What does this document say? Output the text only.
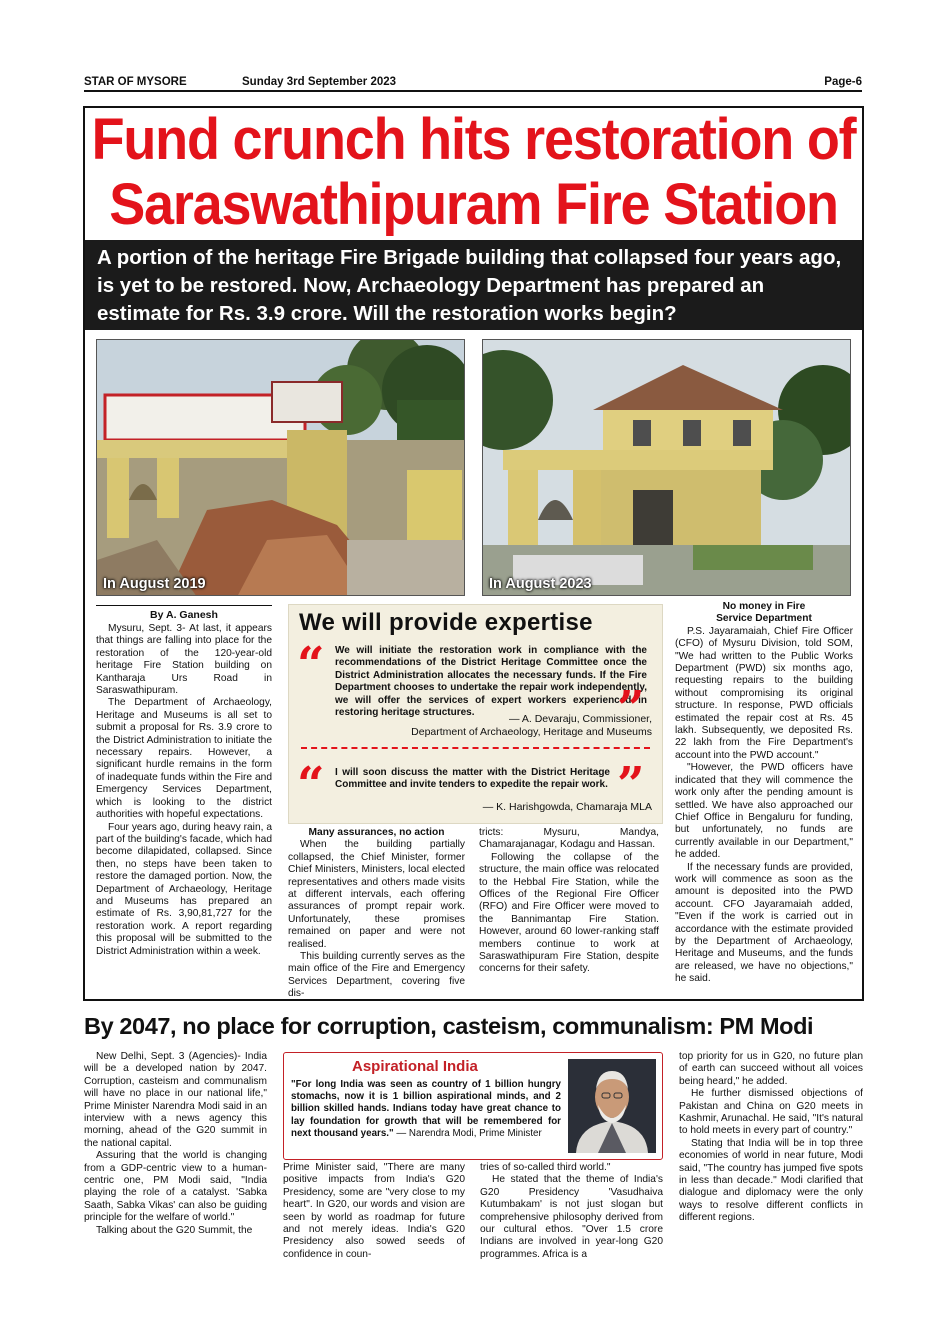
STAR OF MYSORE	Sunday 3rd September 2023	Page-6
Fund crunch hits restoration of
Saraswathipuram Fire Station
A portion of the heritage Fire Brigade building that collapsed four years ago, is yet to be restored. Now, Archaeology Department has prepared an estimate for Rs. 3.9 crore. Will the restoration works begin?
In August 2019	In August 2023
By A. Ganesh

Mysuru, Sept. 3- At last, it appears that things are falling into place for the restoration of the 120-year-old heritage Fire Station building on Kantharaja Urs Road in Saraswathipuram.

The Department of Archaeology, Heritage and Museums is all set to submit a proposal for Rs. 3.9 crore to the District Administration to initiate the necessary repairs. However, a significant hurdle remains in the form of inadequate funds within the Fire and Emergency Services Department, which is looking to the district authorities with hopeful expectations.

Four years ago, during heavy rain, a part of the building's facade, which had become dilapidated, collapsed. Since then, no steps have been taken to restore the damaged portion. Now, the Department of Archaeology, Heritage and Museums has prepared an estimate of Rs. 3,90,81,727 for the restoration work. A report regarding this proposal will be submitted to the District Administration within a week.

We will provide expertise
“ We will initiate the restoration work in compliance with the recommendations of the District Heritage Committee once the District Administration allocates the necessary funds. If the Fire Department chooses to undertake the repair work independently, we will offer the services of expert workers experienced in restoring heritage structures.	”
— A. Devaraju, Commissioner,
Department of Archaeology, Heritage and Museums
“ I will soon discuss the matter with the District Heritage Committee and invite tenders to expedite the repair work. ”
— K. Harishgowda, Chamaraja MLA
Many assurances, no action

When the building partially collapsed, the Chief Minister, former Chief Ministers, Ministers, local elected representatives and others made visits at different intervals, each offering assurances of prompt repair work. Unfortunately, these promises remained on paper and were not realised.

This building currently serves as the main office of the Fire and Emergency Services Department, covering five dis-

tricts: Mysuru, Mandya, Chamarajanagar, Kodagu and Hassan.

Following the collapse of the structure, the main office was relocated to the Hebbal Fire Station, while the Offices of the Regional Fire Officer (RFO) and Fire Officer were moved to the Bannimantap Fire Station. However, around 60 lower-ranking staff members continue to work at Saraswathipuram Fire Station, despite concerns for their safety.

No money in Fire Service Department

P.S. Jayaramaiah, Chief Fire Officer (CFO) of Mysuru Division, told SOM, "We had written to the Public Works Department (PWD) six months ago, requesting repairs to the building without compromising its original structure. In response, PWD officials estimated the repair cost at Rs. 45 lakh. Subsequently, we deposited Rs. 22 lakh from the Fire Department's account into the PWD account."

"However, the PWD officers have indicated that they will commence the work only after the pending amount is settled. We have also approached our Chief Office in Bengaluru for funding, but unfortunately, no funds are currently available in our Department," he added.

If the necessary funds are provided, work will commence as soon as the amount is deposited into the PWD account. CFO Jayaramaiah added, "Even if the work is carried out in accordance with the estimate provided by the Department of Archaeology, Heritage and Museums, and the funds are released, we have no objections," he said.

By 2047, no place for corruption, casteism, communalism: PM Modi

New Delhi, Sept. 3 (Agencies)- India will be a developed nation by 2047. Corruption, casteism and communalism will have no place in our national life," Prime Minister Narendra Modi said in an interview with a news agency this morning, ahead of the G20 summit in the national capital.

Assuring that the world is changing from a GDP-centric view to a human-centric one, PM Modi said, "India playing the role of a catalyst. 'Sabka Saath, Sabka Vikas' can also be guiding principle for the welfare of world."

Talking about the G20 Summit, the

Aspirational India
"For long India was seen as country of 1 billion hungry stomachs, now it is 1 billion aspirational minds, and 2 billion skilled hands. Indians today have great chance to lay foundation for growth that will be remembered for next thousand years." — Narendra Modi, Prime Minister

Prime Minister said, "There are many positive impacts from India's G20 Presidency, some are "very close to my heart". In G20, our words and vision are seen by world as roadmap for future and not merely ideas. India's G20 Presidency also sowed seeds of confidence in coun-

tries of so-called third world."

He stated that the theme of India's G20 Presidency 'Vasudhaiva Kutumbakam' is not just slogan but comprehensive philosophy derived from our cultural ethos. "Over 1.5 crore Indians are involved in year-long G20 programmes. Africa is a

top priority for us in G20, no future plan of earth can succeed without all voices being heard," he added.

He further dismissed objections of Pakistan and China on G20 meets in Kashmir, Arunachal. He said, "It's natural to hold meets in every part of country."

Stating that India will be in top three economies of world in near future, Modi said, "The country has jumped five spots in less than decade." Modi clarified that dialogue and diplomacy were the only ways to resolve different conflicts in different regions.
